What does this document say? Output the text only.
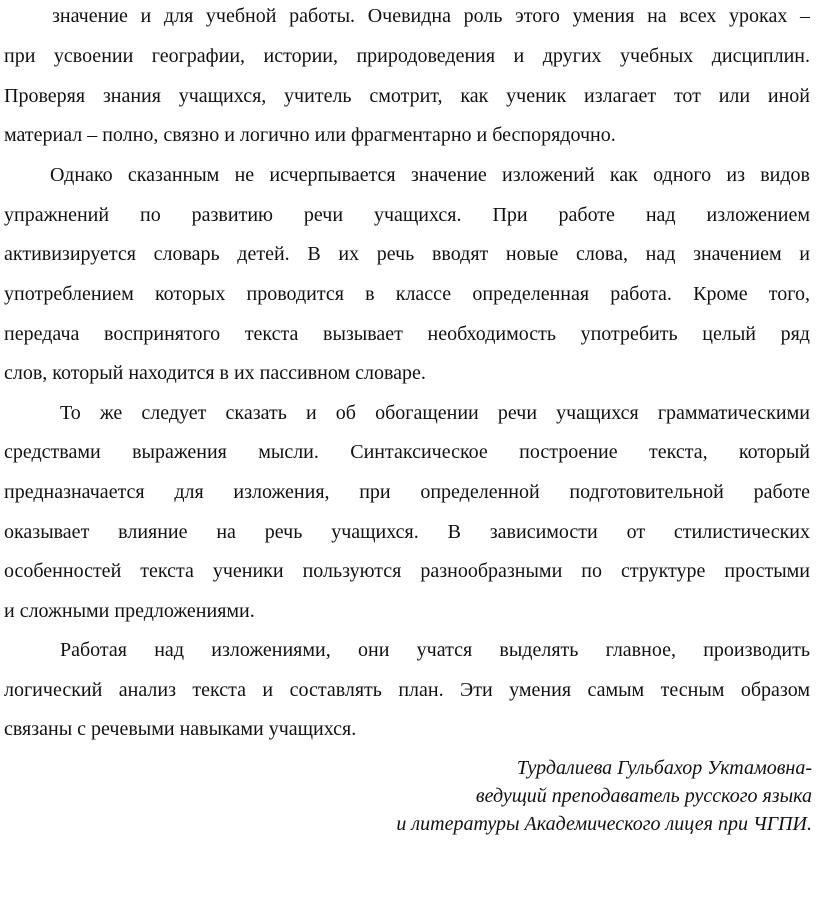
значение и для учебной работы. Очевидна роль этого умения на всех уроках –
при усвоении географии, истории, природоведения и других учебных дисциплин.
Проверяя знания учащихся, учитель смотрит, как ученик излагает тот или иной
материал – полно, связно и логично или фрагментарно и беспорядочно.
Однако сказанным не исчерпывается значение изложений как одного из видов
упражнений по развитию речи учащихся. При работе над изложением
активизируется словарь детей. В их речь вводят новые слова, над значением и
употреблением которых проводится в классе определенная работа. Кроме того,
передача воспринятого текста вызывает необходимость употребить целый ряд
слов, который находится в их пассивном словаре.
То же следует сказать и об обогащении речи учащихся грамматическими
средствами выражения мысли. Синтаксическое построение текста, который
предназначается для изложения, при определенной подготовительной работе
оказывает влияние на речь учащихся. В зависимости от стилистических
особенностей текста ученики пользуются разнообразными по структуре простыми
и сложными предложениями.
Работая над изложениями, они учатся выделять главное, производить
логический анализ текста и составлять план. Эти умения самым тесным образом
связаны с речевыми навыками учащихся.
Турдалиева Гульбахор Уктамовна-
ведущий преподаватель русского языка
и литературы Академического лицея при ЧГПИ.
